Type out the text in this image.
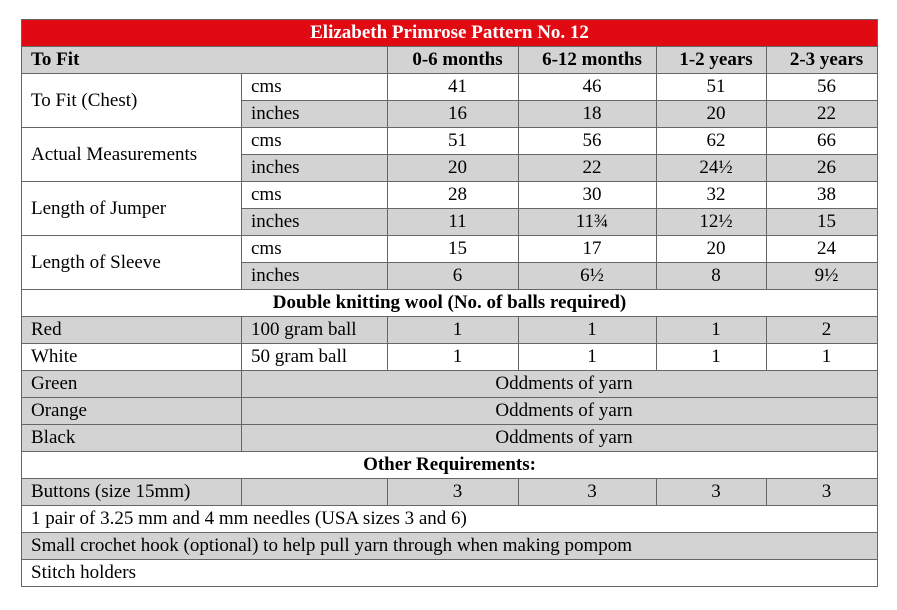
Elizabeth Primrose Pattern No. 12					
To Fit		0-6 months	6-12 months	1-2 years	2-3 years
To Fit (Chest)	cms	41	46	51	56
	inches	16	18	20	22
Actual Measurements	cms	51	56	62	66
	inches	20	22	24½	26
Length of Jumper	cms	28	30	32	38
	inches	11	11¾	12½	15
Length of Sleeve	cms	15	17	20	24
	inches	6	6½	8	9½
Double knitting wool (No. of balls required)					
Red	100 gram ball	1	1	1	2
White	50 gram ball	1	1	1	1
Green	Oddments of yarn				
Orange	Oddments of yarn				
Black	Oddments of yarn				
Other Requirements:					
Buttons (size 15mm)		3	3	3	3
1 pair of 3.25 mm and 4 mm needles (USA sizes 3 and 6)					
Small crochet hook (optional) to help pull yarn through when making pompom					
Stitch holders					
